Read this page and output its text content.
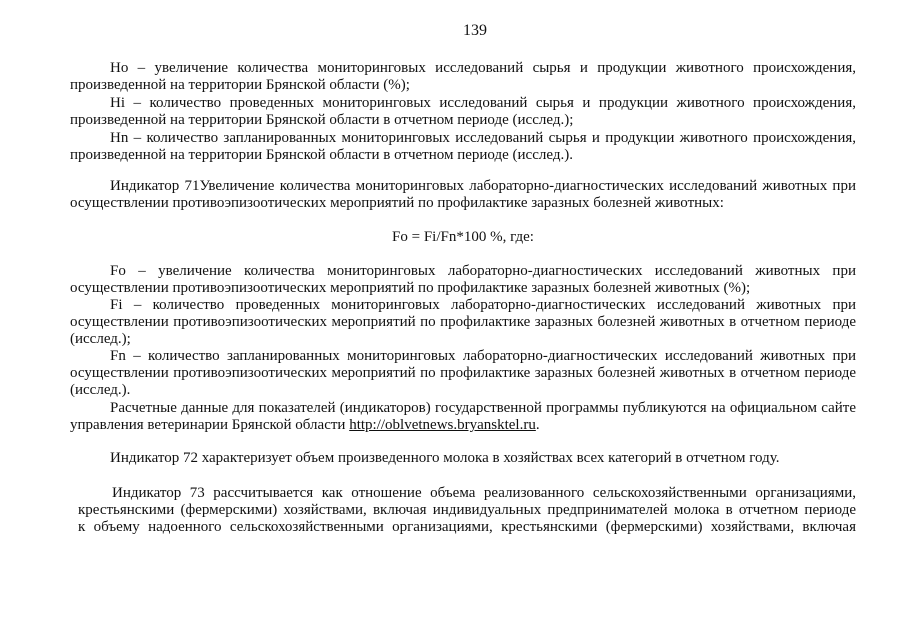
139
Но – увеличение количества мониторинговых исследований сырья и продукции животного происхождения,
произведенной на территории Брянской области (%);
Нi – количество проведенных мониторинговых исследований сырья и продукции животного происхождения,
произведенной на территории Брянской области в отчетном периоде (исслед.);
Нn – количество запланированных мониторинговых исследований сырья и продукции животного происхождения,
произведенной на территории Брянской области в отчетном периоде (исслед.).
Индикатор 71Увеличение количества мониторинговых лабораторно-диагностических исследований животных при
осуществлении противоэпизоотических мероприятий по профилактике заразных болезней животных:
Fo = Fi/Fn*100 %, где:
Fo – увеличение количества мониторинговых лабораторно-диагностических исследований животных при
осуществлении противоэпизоотических мероприятий по профилактике заразных болезней животных (%);
Fi – количество проведенных мониторинговых лабораторно-диагностических исследований животных при
осуществлении противоэпизоотических мероприятий по профилактике заразных болезней животных в отчетном периоде
(исслед.);
Fn – количество запланированных мониторинговых лабораторно-диагностических исследований животных при
осуществлении противоэпизоотических мероприятий по профилактике заразных болезней животных в отчетном периоде
(исслед.).
Расчетные данные для показателей (индикаторов) государственной программы публикуются на официальном сайте
управления ветеринарии Брянской области http://oblvetnews.bryansktel.ru.
Индикатор 72 характеризует объем произведенного молока в хозяйствах всех категорий в отчетном году.
Индикатор 73 рассчитывается как отношение объема реализованного сельскохозяйственными организациями,
крестьянскими (фермерскими) хозяйствами, включая индивидуальных предпринимателей молока в отчетном периоде
к объему надоенного сельскохозяйственными организациями, крестьянскими (фермерскими) хозяйствами, включая
